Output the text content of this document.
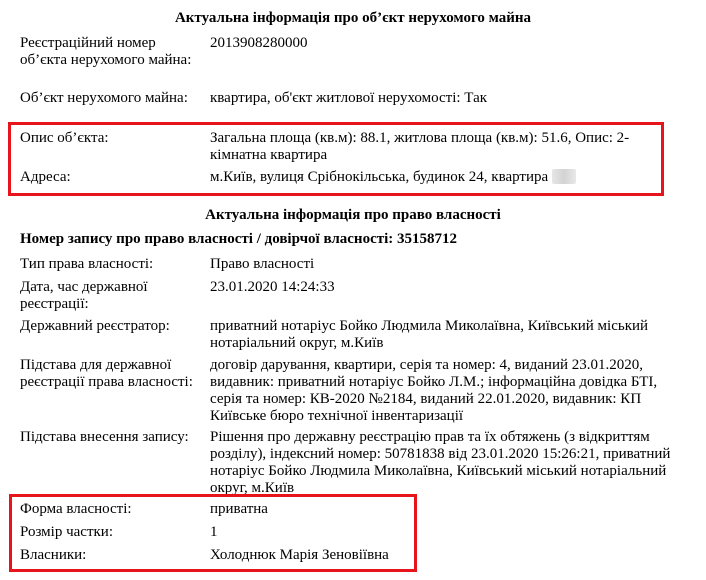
Актуальна інформація про об’єкт нерухомого майна
Реєстраційний номер об’єкта нерухомого майна:
2013908280000
Об’єкт нерухомого майна:	квартира, об'єкт житлової нерухомості: Так
Опис об’єкта:	Загальна площа (кв.м): 88.1, житлова площа (кв.м): 51.6, Опис: 2-кімнатна квартира
Адреса:	м.Київ, вулиця Срібнокільська, будинок 24, квартира
Актуальна інформація про право власності
Номер запису про право власності / довірчої власності: 35158712
Тип права власності:	Право власності
Дата, час державної реєстрації:
23.01.2020 14:24:33
Державний реєстратор:	приватний нотаріус Бойко Людмила Миколаївна, Київський міський нотаріальний округ, м.Київ
Підстава для державної реєстрації права власності:
договір дарування, квартири, серія та номер: 4, виданий 23.01.2020, видавник: приватний нотаріус Бойко Л.М.; інформаційна довідка БТІ, серія та номер: КВ-2020 №2184, виданий 22.01.2020, видавник: КП Київське бюро технічної інвентаризації
Підстава внесення запису:	Рішення про державну реєстрацію прав та їх обтяжень (з відкриттям розділу), індексний номер: 50781838 від 23.01.2020 15:26:21, приватний нотаріус Бойко Людмила Миколаївна, Київський міський нотаріальний округ, м.Київ
Форма власності:	приватна
Розмір частки:	1
Власники:	Холоднюк Марія Зеновіївна
